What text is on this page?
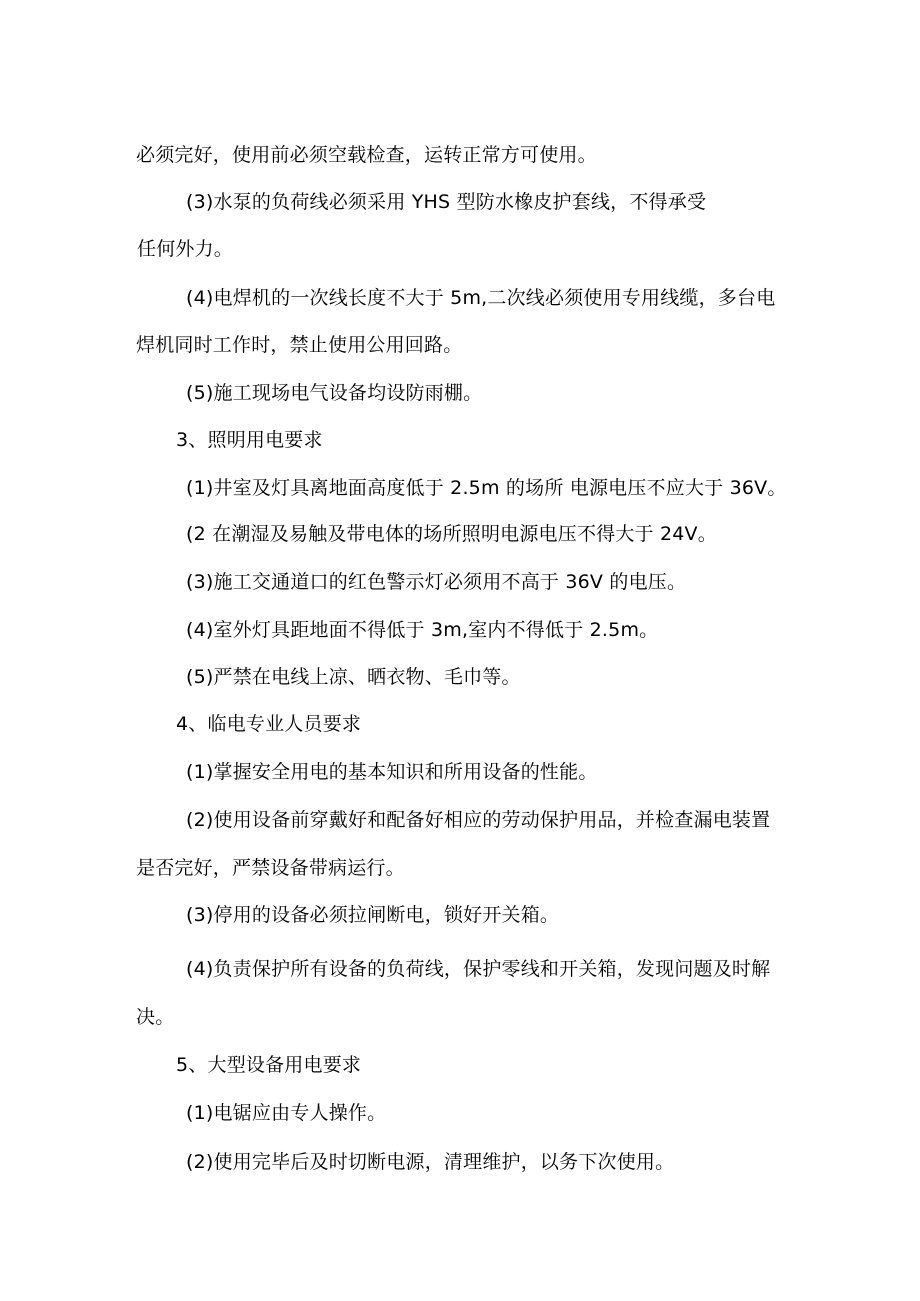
必须完好，使用前必须空载检查，运转正常方可使用。

(3)水泵的负荷线必须采用 YHS 型防水橡皮护套线，不得承受

任何外力。

(4)电焊机的一次线长度不大于 5m,二次线必须使用专用线缆，多台电

焊机同时工作时，禁止使用公用回路。

(5)施工现场电气设备均设防雨棚。

3、照明用电要求

(1)井室及灯具离地面高度低于 2.5m 的场所 电源电压不应大于 36V。

(2 在潮湿及易触及带电体的场所照明电源电压不得大于 24V。

(3)施工交通道口的红色警示灯必须用不高于 36V 的电压。

(4)室外灯具距地面不得低于 3m,室内不得低于 2.5m。

(5)严禁在电线上凉、晒衣物、毛巾等。

4、临电专业人员要求

(1)掌握安全用电的基本知识和所用设备的性能。

(2)使用设备前穿戴好和配备好相应的劳动保护用品，并检查漏电装置

是否完好，严禁设备带病运行。

(3)停用的设备必须拉闸断电，锁好开关箱。

(4)负责保护所有设备的负荷线，保护零线和开关箱，发现问题及时解

决。

5、大型设备用电要求

(1)电锯应由专人操作。

(2)使用完毕后及时切断电源，清理维护，以务下次使用。
